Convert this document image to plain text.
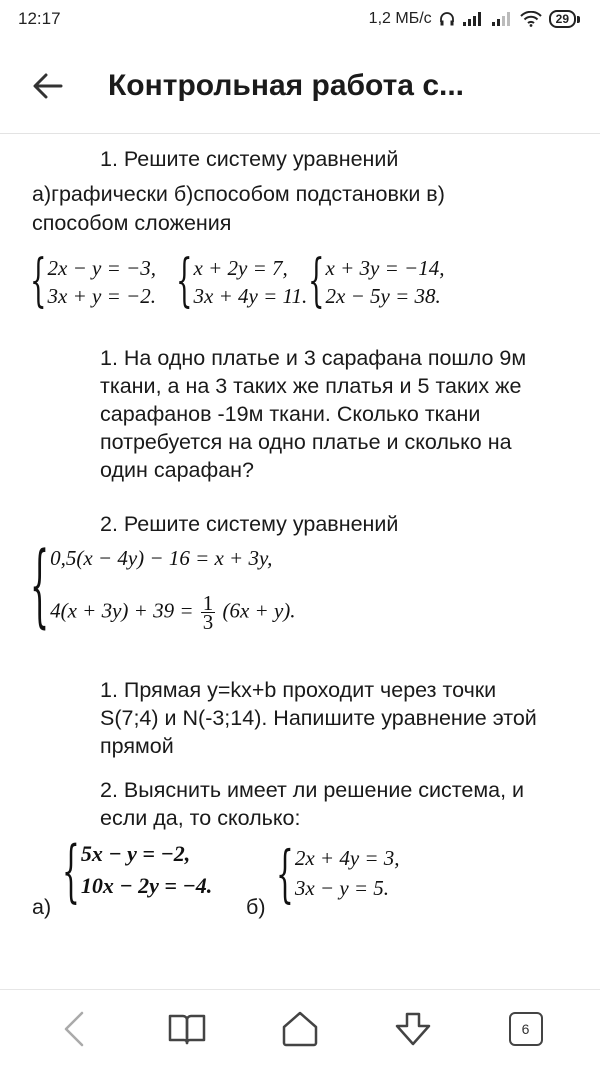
12:17	1,2 МБ/с	29
Контрольная работа с...
1. Решите систему уравнений
а)графически б)способом подстановки в)
способом сложения
{ 2x − y = −3,
3x + y = −2. { x + 2y = 7,
3x + 4y = 11. { x + 3y = −14,
2x − 5y = 38.
1. На одно платье и 3 сарафана пошло 9м
ткани, а на 3 таких же платья и 5 таких же
сарафанов -19м ткани. Сколько ткани
потребуется на одно платье и сколько на
один сарафан?
2. Решите систему уравнений
{ 0,5(x − 4y) − 16 = x + 3y,
$4(x + 3y) + 39 = \frac{1}{3} (6x + y)$.
1. Прямая y=kx+b проходит через точки
S(7;4) и N(-3;14). Напишите уравнение этой
прямой
2. Выяснить имеет ли решение система, и
если да, то сколько:
а) { 5x − y = −2,
10x − 2y = −4.
б) { 2x + 4y = 3,
3x − y = 5.
6
